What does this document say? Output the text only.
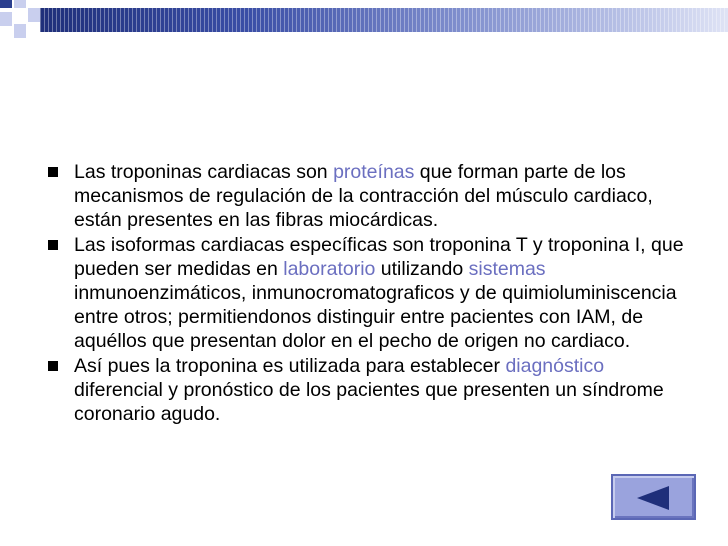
Las troponinas cardiacas son proteínas que forman parte de los mecanismos de regulación de la contracción del músculo cardiaco, están presentes en las fibras miocárdicas.
Las isoformas cardiacas específicas son troponina T y troponina I, que pueden ser medidas en laboratorio utilizando sistemas inmunoenzimáticos, inmunocromatograficos y de quimioluminiscencia entre otros; permitiendonos distinguir entre pacientes con IAM, de aquéllos que presentan dolor en el pecho de origen no cardiaco.
Así pues la troponina es utilizada para establecer diagnóstico diferencial y pronóstico de los pacientes que presenten un síndrome coronario agudo.
